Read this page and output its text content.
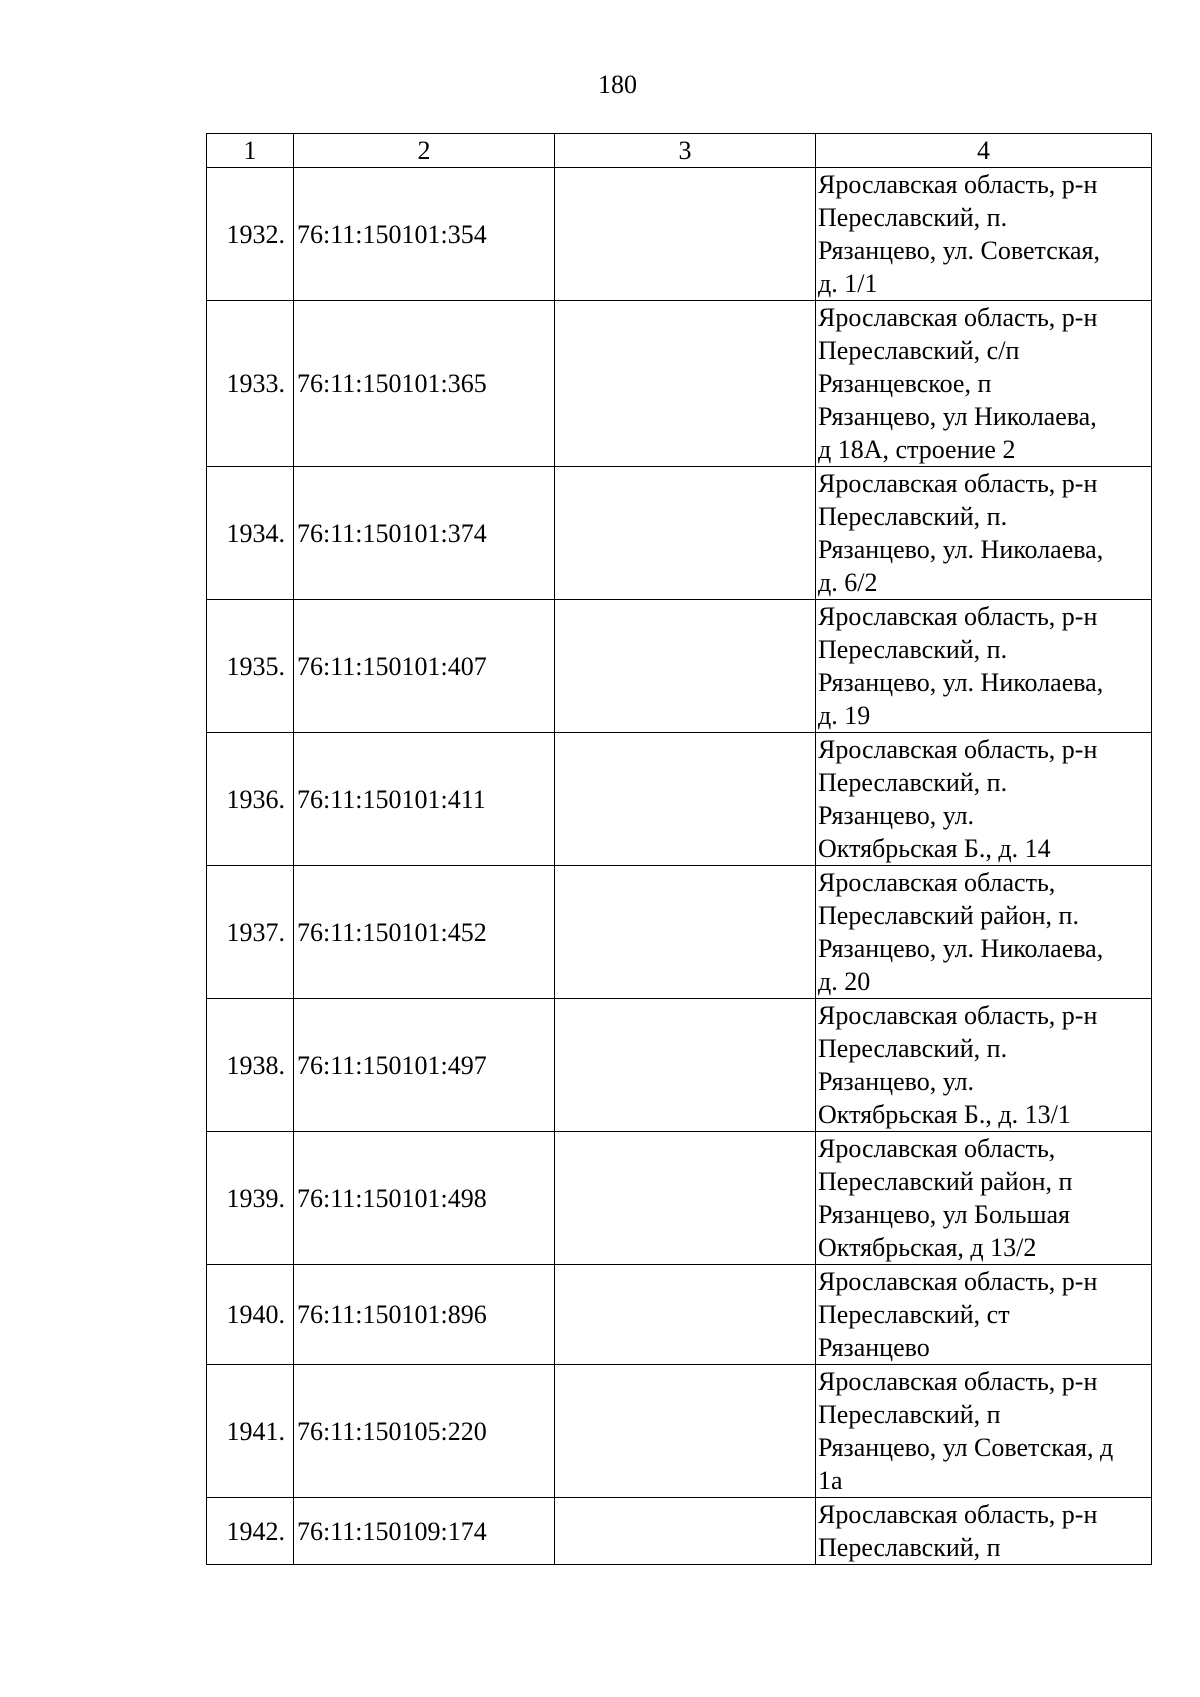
180
1	2	3	4
1932.	76:11:150101:354		Ярославская область, р-н
Переславский, п.
Рязанцево, ул. Советская,
д. 1/1

1933.	76:11:150101:365		Ярославская область, р-н
Переславский, с/п
Рязанцевское, п
Рязанцево, ул Николаева,
д 18А, строение 2

1934.	76:11:150101:374		Ярославская область, р-н
Переславский, п.
Рязанцево, ул. Николаева,
д. 6/2

1935.	76:11:150101:407		Ярославская область, р-н
Переславский, п.
Рязанцево, ул. Николаева,
д. 19

1936.	76:11:150101:411		Ярославская область, р-н
Переславский, п.
Рязанцево, ул.
Октябрьская Б., д. 14

1937.	76:11:150101:452		Ярославская область,
Переславский район, п.
Рязанцево, ул. Николаева,
д. 20

1938.	76:11:150101:497		Ярославская область, р-н
Переславский, п.
Рязанцево, ул.
Октябрьская Б., д. 13/1

1939.	76:11:150101:498		Ярославская область,
Переславский район, п
Рязанцево, ул Большая
Октябрьская, д 13/2

1940.	76:11:150101:896		Ярославская область, р-н
Переславский, ст
Рязанцево

1941.	76:11:150105:220		Ярославская область, р-н
Переславский, п
Рязанцево, ул Советская, д
1а

1942.	76:11:150109:174		Ярославская область, р-н
Переславский, п
